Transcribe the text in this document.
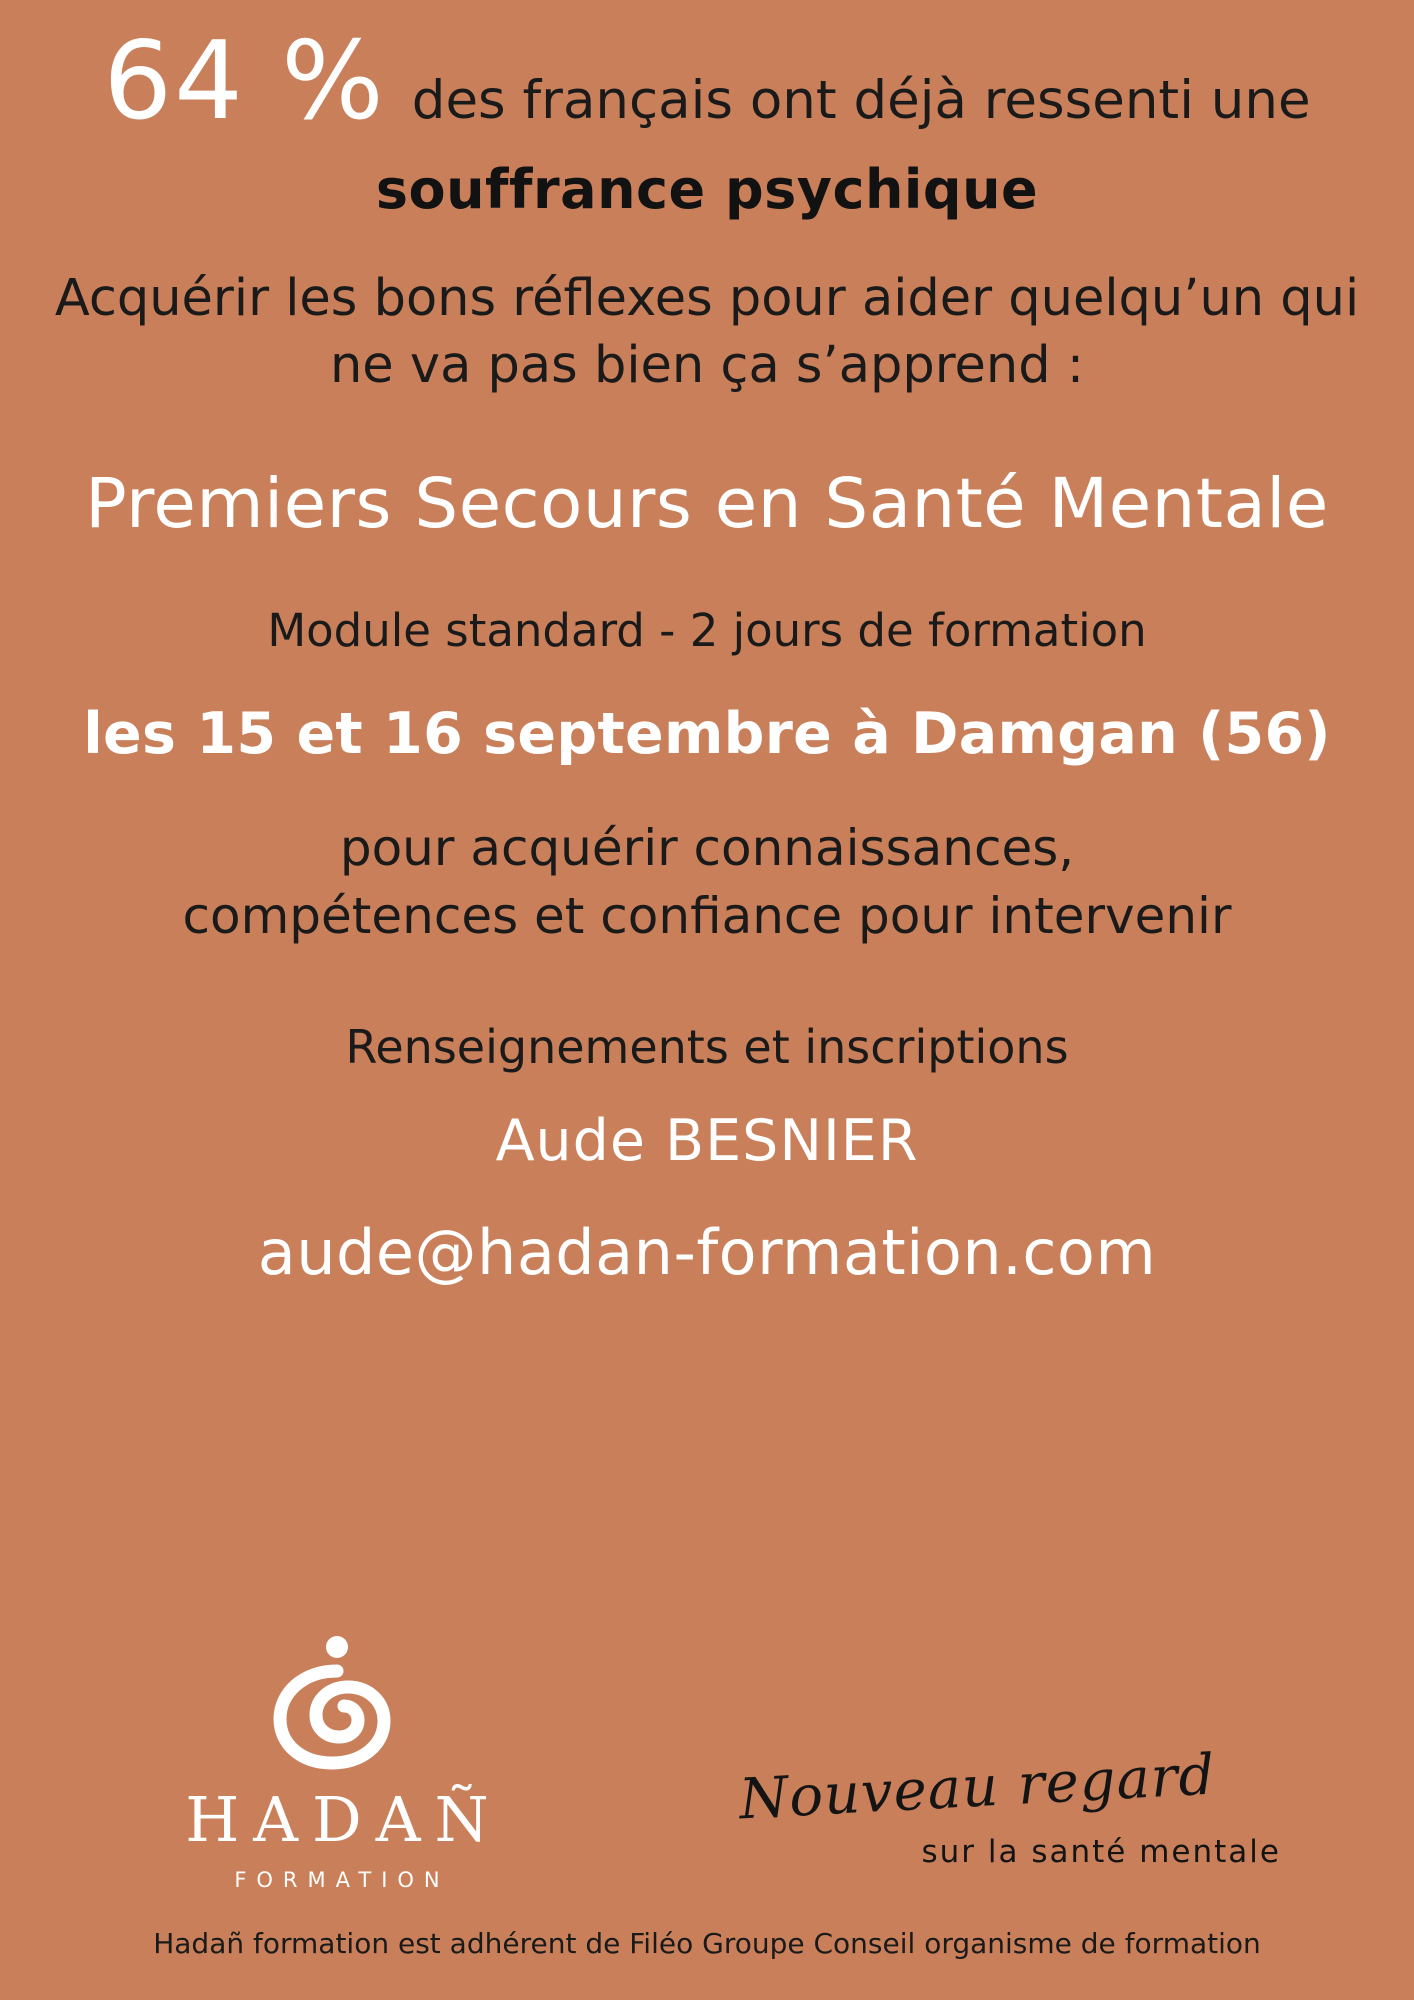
64 % des français ont déjà ressenti une
souffrance psychique
Acquérir les bons réflexes pour aider quelqu’un qui
ne va pas bien ça s’apprend :
Premiers Secours en Santé Mentale
Module standard - 2 jours de formation
les 15 et 16 septembre à Damgan (56)
pour acquérir connaissances,
compétences et confiance pour intervenir
Renseignements et inscriptions
Aude BESNIER
aude@hadan-formation.com
HADAÑ
FORMATION
Nouveau regard
sur la santé mentale
Hadañ formation est adhérent de Filéo Groupe Conseil organisme de formation
